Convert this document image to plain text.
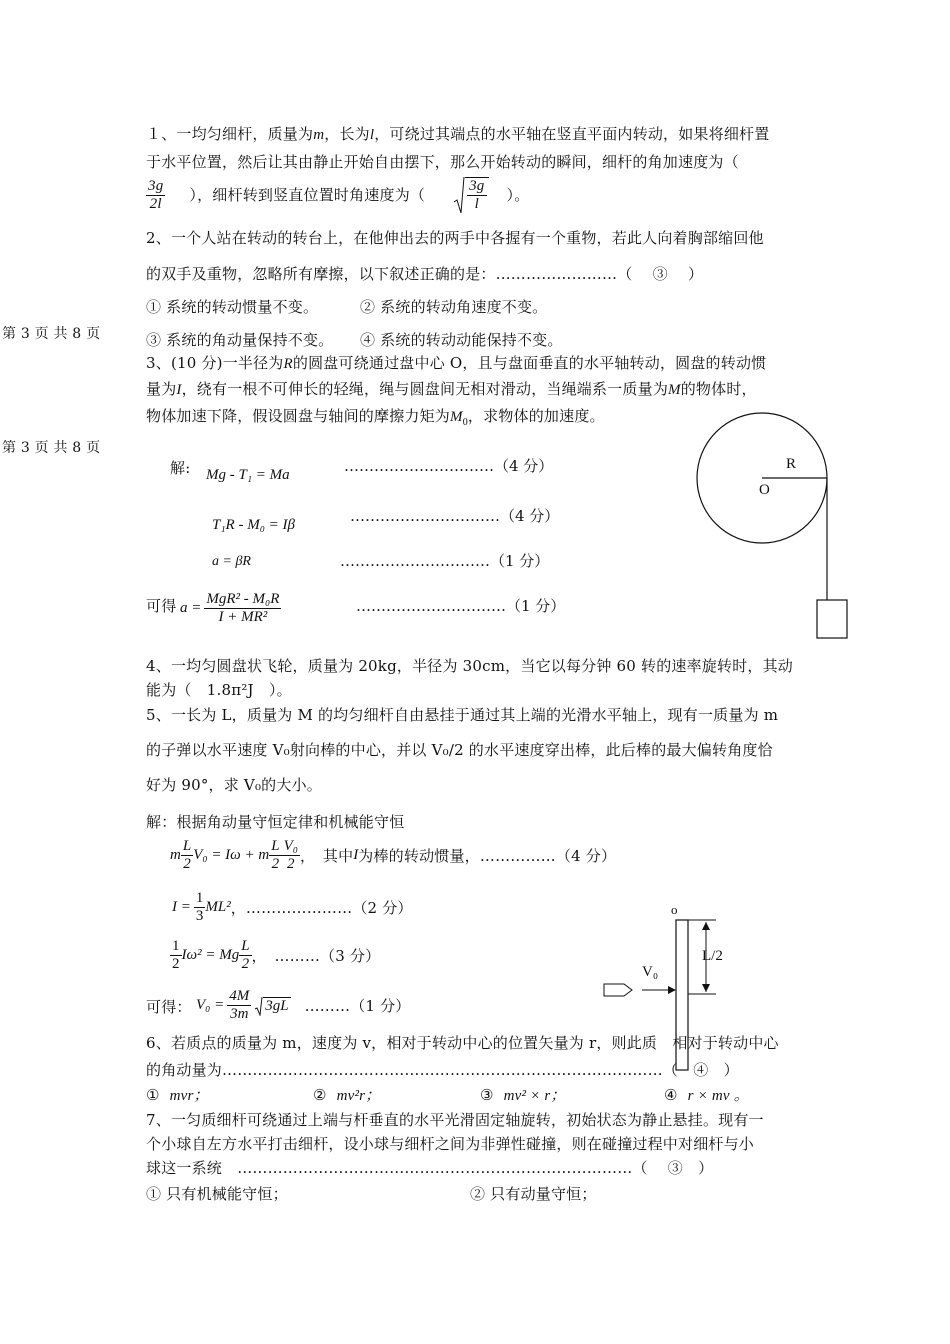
第 3 页 共 8 页
第 3 页 共 8 页
１、一均匀细杆，质量为m，长为l，可绕过其端点的水平轴在竖直平面内转动，如果将细杆置
于水平位置，然后让其由静止开始自由摆下，那么开始转动的瞬间，细杆的角加速度为（
$\frac{3g}{2l}$ ），细杆转到竖直位置时角速度为（	$\frac{3g}{l}$ ）。
2、一个人站在转动的转台上，在他伸出去的两手中各握有一个重物，若此人向着胸部缩回他
的双手及重物，忽略所有摩擦，以下叙述正确的是：……………………（　 ③　 ）
① 系统的转动惯量不变。	② 系统的转动角速度不变。
③ 系统的角动量保持不变。 ④ 系统的转动动能保持不变。
3、(10 分)一半径为R的圆盘可绕通过盘中心 O，且与盘面垂直的水平轴转动，圆盘的转动惯
量为I，绕有一根不可伸长的轻绳，绳与圆盘间无相对滑动，当绳端系一质量为M的物体时，
物体加速下降，假设圆盘与轴间的摩擦力矩为$M_0$，求物体的加速度。
解: Mg - T₁ = Ma	…………………………（4 分）
T₁R - M₀ = Iβ	…………………………（4 分）
a = βR	…………………………（1 分）
可得 $a = \frac{\text{MgR² - M₀R}}{\text{I + MR²}}$	…………………………（1 分）
R
O
4、一均匀圆盘状飞轮，质量为 20kg，半径为 30cm，当它以每分钟 60 转的速率旋转时，其动
能为（　1.8π²J　）。
5、一长为 L，质量为 M 的均匀细杆自由悬挂于通过其上端的光滑水平轴上，现有一质量为 m
的子弹以水平速度 V₀射向棒的中心，并以 V₀/2 的水平速度穿出棒，此后棒的最大偏转角度恰
好为 90°，求 V₀的大小。
解：根据角动量守恒定律和机械能守恒
m $\frac{L}{2} V_0 = I\omega + m \frac{L}{2} \frac{\text{V₀}}{2}$ ，　其中 I 为棒的转动惯量，……………（4 分）
$I = \frac{1}{3} ML^2$ ，…………………（2 分）
$\frac{1}{2} I\omega^2 = Mg \frac{L}{2}$ ，　………（3 分）
可得： $V_0 = \frac{4M}{3m} 3gL$ ………（1 分）
o
L/2
V₀
6、若质点的质量为 m，速度为 v，相对于转动中心的位置矢量为 r，则此质　相对于转动中心
的角动量为……………………………………………………………………………（　④　）
① mvr；	② mv²r；	③ mv² × r；	④ r × mv 。
7、一匀质细杆可绕通过上端与杆垂直的水平光滑固定轴旋转，初始状态为静止悬挂。现有一
个小球自左方水平打击细杆，设小球与细杆之间为非弹性碰撞，则在碰撞过程中对细杆与小
球这一系统　……………………………………………………………………（　 ③　）
① 只有机械能守恒；	② 只有动量守恒；
